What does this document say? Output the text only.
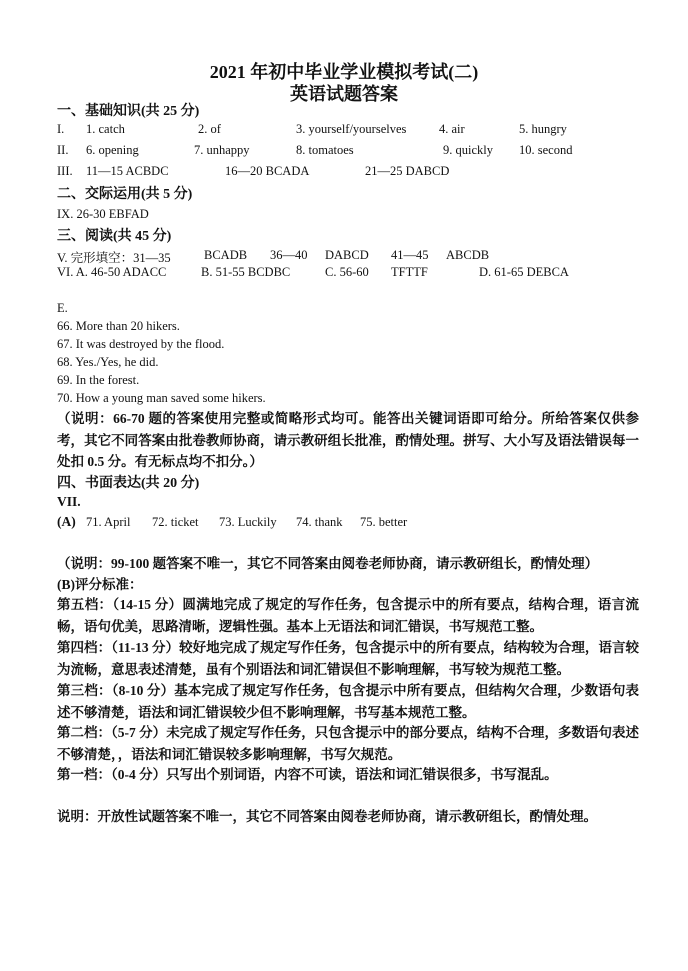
2021 年初中毕业学业模拟考试(二)
英语试题答案
一、基础知识(共 25 分)
I. 1. catch	2. of	3. yourself/yourselves	4. air	5. hungry
II. 6. opening	7. unhappy	8. tomatoes	9. quickly 10. second
III. 11—15 ACBDC	16—20 BCADA	21—25 DABCD
二、交际运用(共 5 分)
IX. 26-30 EBFAD
三、阅读(共 45 分)
V. 完形填空：31—35	BCADB 36—40 DABCD 41—45 ABCDB
VI. A. 46-50 ADACC	B. 51-55 BCDBC	C. 56-60 TFTTF	D. 61-65 DEBCA
E.
66. More than 20 hikers.
67. It was destroyed by the flood.
68. Yes./Yes, he did.
69. In the forest.
70. How a young man saved some hikers.
（说明：66-70 题的答案使用完整或简略形式均可。能答出关键词语即可给分。所给答案仅供参考，其它不同答案由批卷教师协商，请示教研组长批准，酌情处理。拼写、大小写及语法错误每一处扣 0.5 分。有无标点均不扣分。）
四、书面表达(共 20 分)
VII.
(A) 71. April 72. ticket 73. Luckily 74. thank 75. better
（说明：99-100 题答案不唯一，其它不同答案由阅卷老师协商，请示教研组长，酌情处理）
(B)评分标准：
第五档：（14-15 分）圆满地完成了规定的写作任务，包含提示中的所有要点，结构合理，语言流畅，语句优美，思路清晰，逻辑性强。基本上无语法和词汇错误，书写规范工整。
第四档：（11-13 分）较好地完成了规定写作任务，包含提示中的所有要点，结构较为合理，语言较为流畅，意思表述清楚，虽有个别语法和词汇错误但不影响理解，书写较为规范工整。
第三档：（8-10 分）基本完成了规定写作任务，包含提示中所有要点，但结构欠合理，少数语句表述不够清楚，语法和词汇错误较少但不影响理解，书写基本规范工整。
第二档：（5-7 分）未完成了规定写作任务，只包含提示中的部分要点，结构不合理，多数语句表述不够清楚，，语法和词汇错误较多影响理解，书写欠规范。
第一档：（0-4 分）只写出个别词语，内容不可读，语法和词汇错误很多，书写混乱。
说明：开放性试题答案不唯一，其它不同答案由阅卷老师协商，请示教研组长，酌情处理。
